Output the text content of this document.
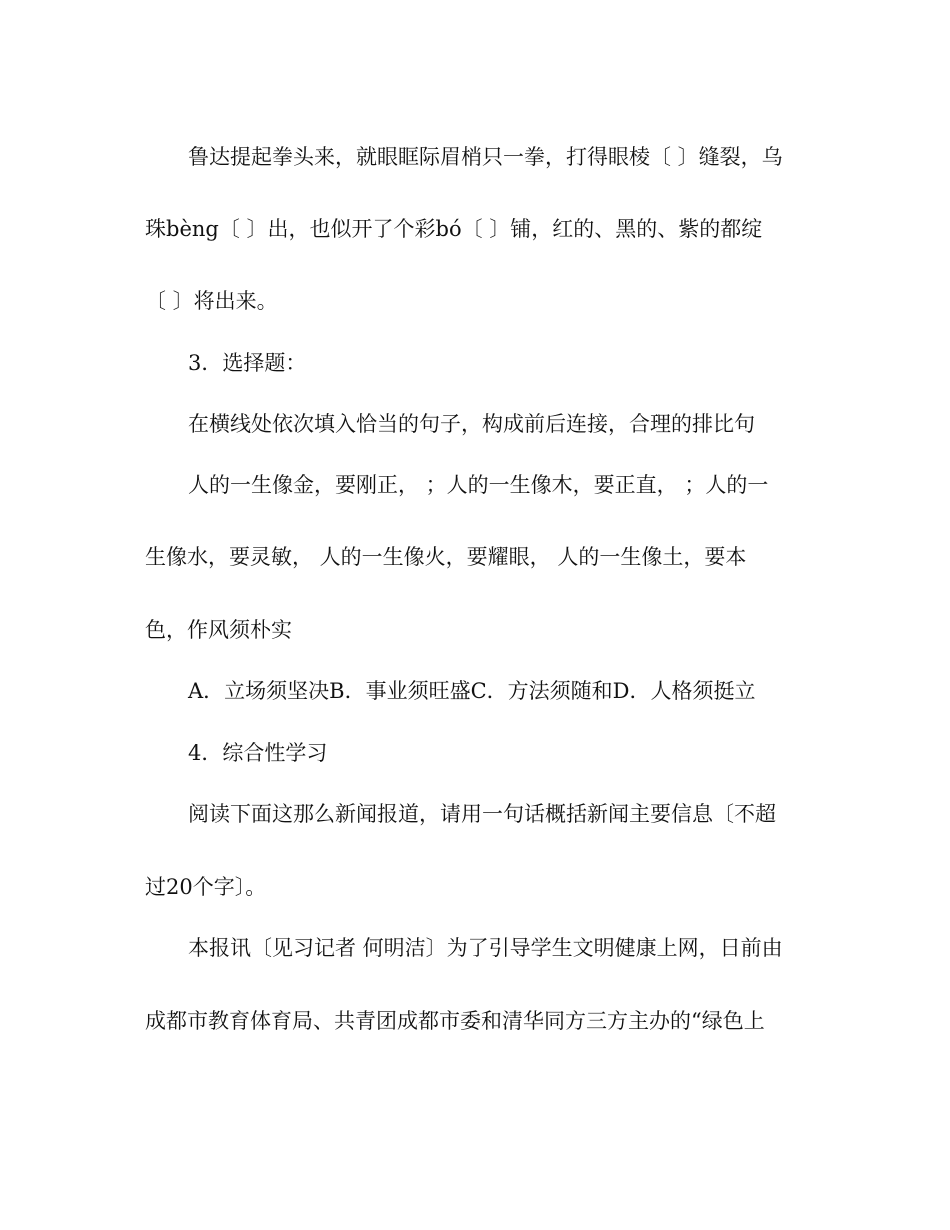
鲁达提起拳头来，就眼眶际眉梢只一拳，打得眼棱〔 〕缝裂，乌
珠bèng〔 〕出，也似开了个彩bó〔 〕铺，红的、黑的、紫的都绽
〔 〕将出来。
3．选择题：
在横线处依次填入恰当的句子，构成前后连接，合理的排比句
人的一生像金，要刚正， ；人的一生像木，要正直， ；人的一
生像水，要灵敏， 人的一生像火，要耀眼， 人的一生像土，要本
色，作风须朴实
A．立场须坚决B．事业须旺盛C．方法须随和D．人格须挺立
4．综合性学习
阅读下面这那么新闻报道，请用一句话概括新闻主要信息〔不超
过20个字〕。
本报讯〔见习记者 何明洁〕为了引导学生文明健康上网，日前由
成都市教育体育局、共青团成都市委和清华同方三方主办的“绿色上
